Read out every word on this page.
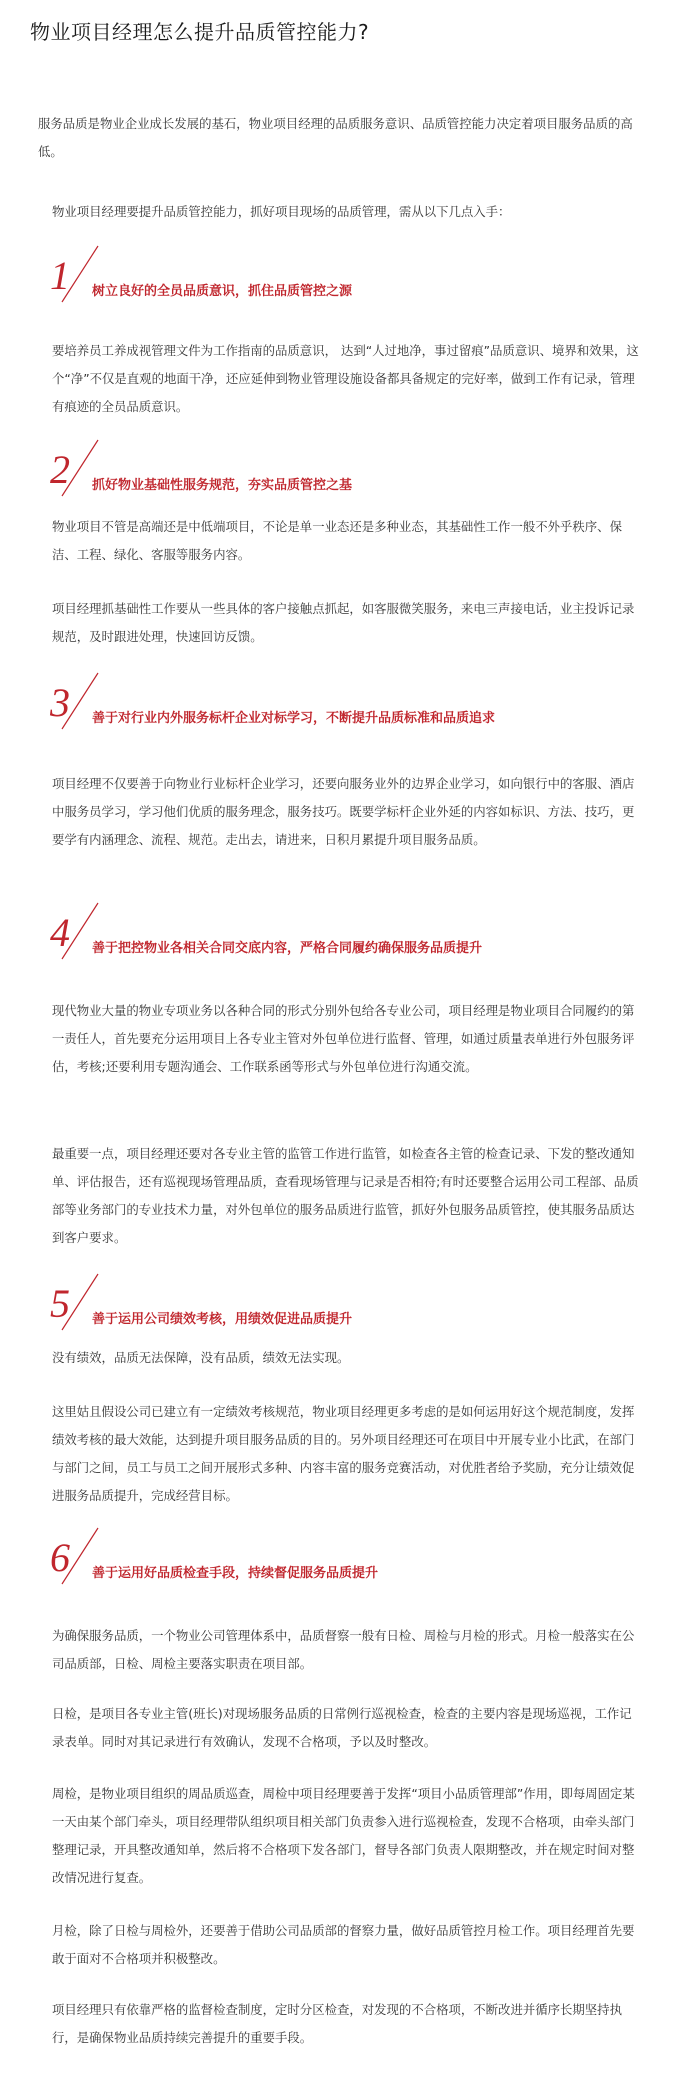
物业项目经理怎么提升品质管控能力?

服务品质是物业企业成长发展的基石，物业项目经理的品质服务意识、品质管控能力决定着项目服务品质的高低。

物业项目经理要提升品质管控能力，抓好项目现场的品质管理，需从以下几点入手：

1 树立良好的全员品质意识，抓住品质管控之源

要培养员工养成视管理文件为工作指南的品质意识， 达到“人过地净，事过留痕”品质意识、境界和效果，这个“净”不仅是直观的地面干净，还应延伸到物业管理设施设备都具备规定的完好率，做到工作有记录，管理有痕迹的全员品质意识。

2 抓好物业基础性服务规范，夯实品质管控之基

物业项目不管是高端还是中低端项目，不论是单一业态还是多种业态，其基础性工作一般不外乎秩序、保洁、工程、绿化、客服等服务内容。

项目经理抓基础性工作要从一些具体的客户接触点抓起，如客服微笑服务，来电三声接电话，业主投诉记录规范，及时跟进处理，快速回访反馈。

3 善于对行业内外服务标杆企业对标学习，不断提升品质标准和品质追求

项目经理不仅要善于向物业行业标杆企业学习，还要向服务业外的边界企业学习，如向银行中的客服、酒店中服务员学习，学习他们优质的服务理念，服务技巧。既要学标杆企业外延的内容如标识、方法、技巧，更要学有内涵理念、流程、规范。走出去，请进来，日积月累提升项目服务品质。

4 善于把控物业各相关合同交底内容，严格合同履约确保服务品质提升

现代物业大量的物业专项业务以各种合同的形式分别外包给各专业公司，项目经理是物业项目合同履约的第一责任人，首先要充分运用项目上各专业主管对外包单位进行监督、管理，如通过质量表单进行外包服务评估，考核;还要利用专题沟通会、工作联系函等形式与外包单位进行沟通交流。

最重要一点，项目经理还要对各专业主管的监管工作进行监管，如检查各主管的检查记录、下发的整改通知单、评估报告，还有巡视现场管理品质，查看现场管理与记录是否相符;有时还要整合运用公司工程部、品质部等业务部门的专业技术力量，对外包单位的服务品质进行监管，抓好外包服务品质管控，使其服务品质达到客户要求。

5 善于运用公司绩效考核，用绩效促进品质提升

没有绩效，品质无法保障，没有品质，绩效无法实现。

这里姑且假设公司已建立有一定绩效考核规范，物业项目经理更多考虑的是如何运用好这个规范制度，发挥绩效考核的最大效能，达到提升项目服务品质的目的。另外项目经理还可在项目中开展专业小比武，在部门与部门之间，员工与员工之间开展形式多种、内容丰富的服务竞赛活动，对优胜者给予奖励，充分让绩效促进服务品质提升，完成经营目标。

6 善于运用好品质检查手段，持续督促服务品质提升

为确保服务品质，一个物业公司管理体系中，品质督察一般有日检、周检与月检的形式。月检一般落实在公司品质部，日检、周检主要落实职责在项目部。

日检，是项目各专业主管(班长)对现场服务品质的日常例行巡视检查，检查的主要内容是现场巡视，工作记录表单。同时对其记录进行有效确认，发现不合格项，予以及时整改。

周检，是物业项目组织的周品质巡查，周检中项目经理要善于发挥“项目小品质管理部”作用，即每周固定某一天由某个部门牵头，项目经理带队组织项目相关部门负责参入进行巡视检查，发现不合格项，由牵头部门整理记录，开具整改通知单，然后将不合格项下发各部门，督导各部门负责人限期整改，并在规定时间对整改情况进行复查。

月检，除了日检与周检外，还要善于借助公司品质部的督察力量，做好品质管控月检工作。项目经理首先要敢于面对不合格项并积极整改。

项目经理只有依靠严格的监督检查制度，定时分区检查，对发现的不合格项，不断改进并循序长期坚持执行，是确保物业品质持续完善提升的重要手段。
